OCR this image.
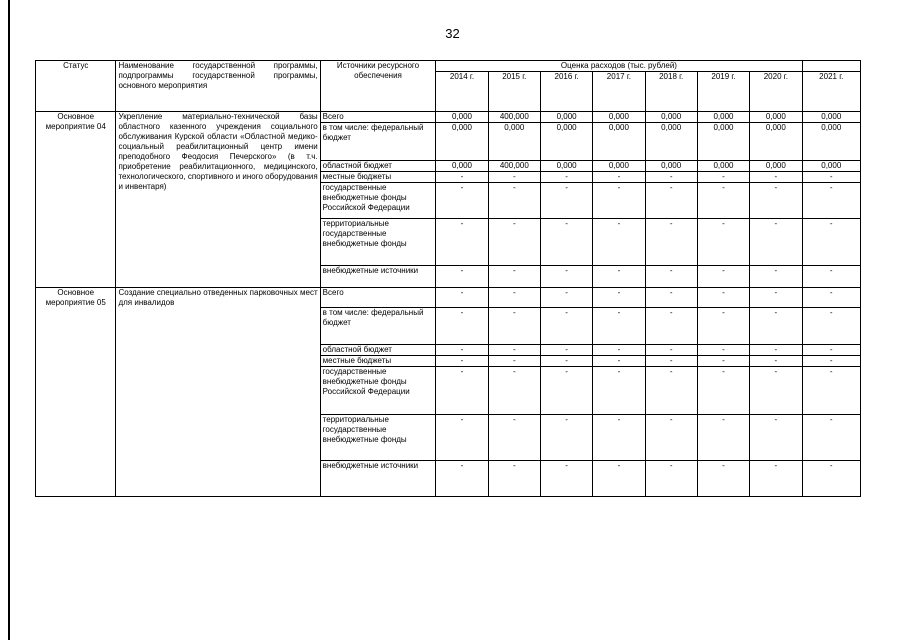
32
Статус	Наименование государственной программы, подпрограммы государственной программы, основного мероприятия	Источники ресурсного обеспечения	Оценка расходов (тыс. рублей)							
			2014 г.	2015 г.	2016 г.	2017 г.	2018 г.	2019 г.	2020 г.	2021 г.
Основное мероприятие 04	Укрепление материально-технической базы областного казенного учреждения социального обслуживания Курской области «Областной медико-социальный реабилитационный центр имени преподобного Феодосия Печерского» (в т.ч. приобретение реабилитационного, медицинского, технологического, спортивного и иного оборудования и инвентаря)	Всего	0,000	400,000	0,000	0,000	0,000	0,000	0,000	0,000
		в том числе: федеральный бюджет	0,000	0,000	0,000	0,000	0,000	0,000	0,000	0,000
		областной бюджет	0,000	400,000	0,000	0,000	0,000	0,000	0,000	0,000
		местные бюджеты	-	-	-	-	-	-	-	-
		государственные внебюджетные фонды Российской Федерации	-	-	-	-	-	-	-	-
		территориальные государственные внебюджетные фонды	-	-	-	-	-	-	-	-
		внебюджетные источники	-	-	-	-	-	-	-	-
Основное мероприятие 05	Создание специально отведенных парковочных мест для инвалидов	Всего	-	-	-	-	-	-	-	-
		в том числе: федеральный бюджет	-	-	-	-	-	-	-	-
		областной бюджет	-	-	-	-	-	-	-	-
		местные бюджеты	-	-	-	-	-	-	-	-
		государственные внебюджетные фонды Российской Федерации	-	-	-	-	-	-	-	-
		территориальные государственные внебюджетные фонды	-	-	-	-	-	-	-	-
		внебюджетные источники	-	-	-	-	-	-	-	-
